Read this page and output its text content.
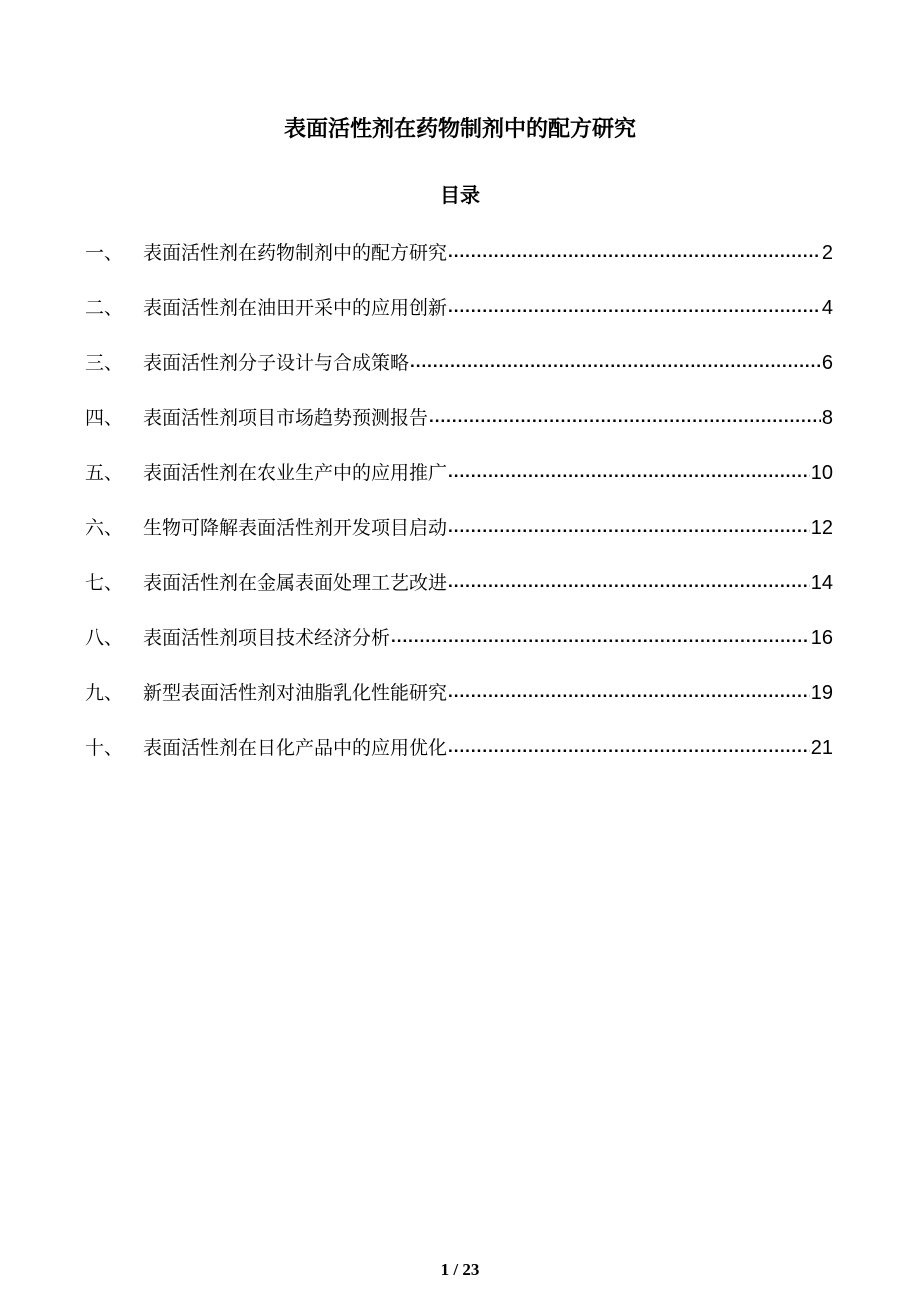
表面活性剂在药物制剂中的配方研究
目录
一、	表面活性剂在药物制剂中的配方研究 .....	2
二、	表面活性剂在油田开采中的应用创新 .....	4
三、	表面活性剂分子设计与合成策略 .....	6
四、	表面活性剂项目市场趋势预测报告 .....	8
五、	表面活性剂在农业生产中的应用推广 .....	10
六、	生物可降解表面活性剂开发项目启动 .....	12
七、	表面活性剂在金属表面处理工艺改进 .....	14
八、	表面活性剂项目技术经济分析 .....	16
九、	新型表面活性剂对油脂乳化性能研究 .....	19
十、	表面活性剂在日化产品中的应用优化 .....	21
1 / 23
